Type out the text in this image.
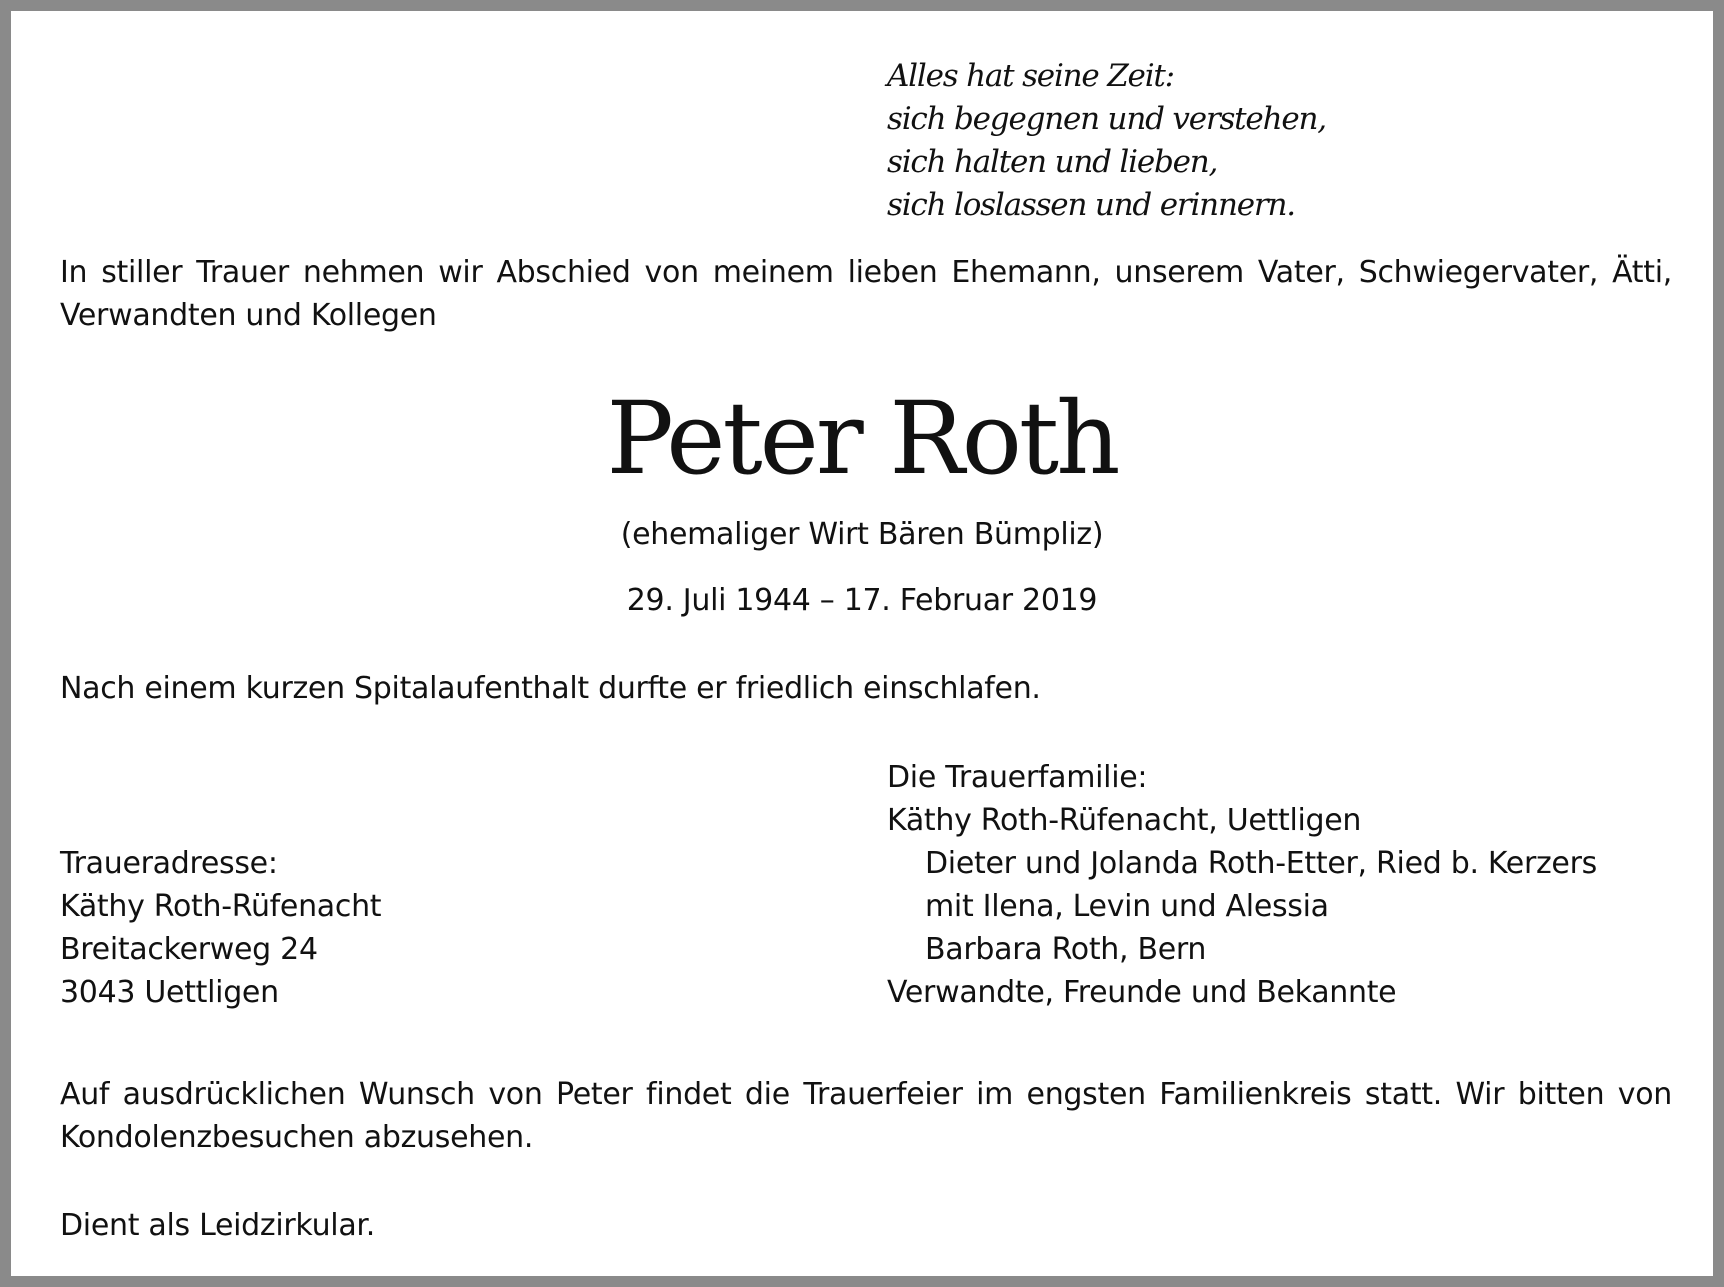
Alles hat seine Zeit:
sich begegnen und verstehen,
sich halten und lieben,
sich loslassen und erinnern.
In stiller Trauer nehmen wir Abschied von meinem lieben Ehemann, unserem Vater, Schwiegervater, Ätti,
Verwandten und Kollegen
Peter Roth
(ehemaliger Wirt Bären Bümpliz)
29. Juli 1944 – 17. Februar 2019
Nach einem kurzen Spitalaufenthalt durfte er friedlich einschlafen.
Die Trauerfamilie:
Käthy Roth-Rüfenacht, Uettligen
Dieter und Jolanda Roth-Etter, Ried b. Kerzers
mit Ilena, Levin und Alessia
Barbara Roth, Bern
Verwandte, Freunde und Bekannte
Traueradresse:
Käthy Roth-Rüfenacht
Breitackerweg 24
3043 Uettligen
Auf ausdrücklichen Wunsch von Peter findet die Trauerfeier im engsten Familienkreis statt. Wir bitten von
Kondolenzbesuchen abzusehen.
Dient als Leidzirkular.
